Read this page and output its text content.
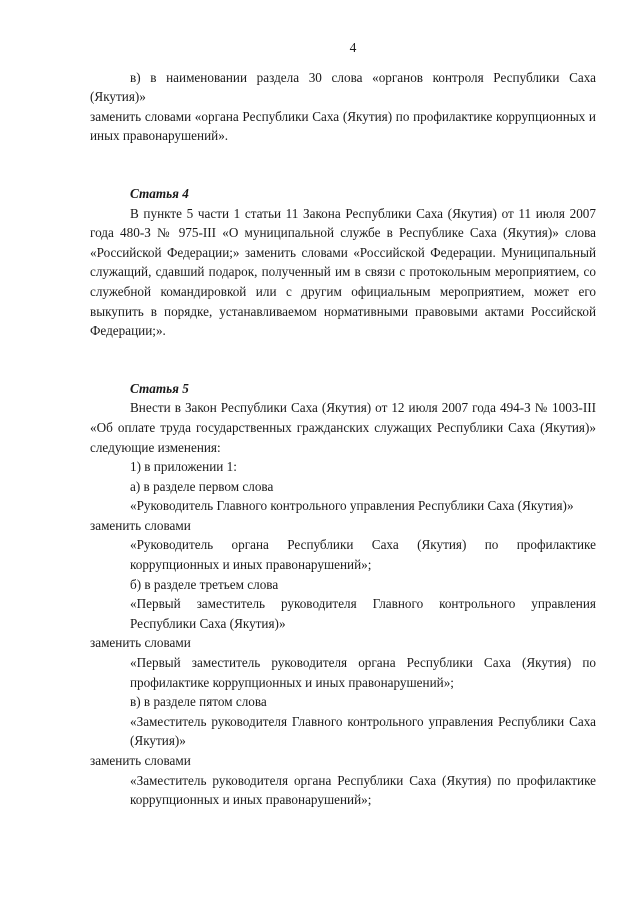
4

в) в наименовании раздела 30 слова «органов контроля Республики Саха (Якутия)»

заменить словами «органа Республики Саха (Якутия) по профилактике коррупционных и иных правонарушений».

Статья 4

В пункте 5 части 1 статьи 11 Закона Республики Саха (Якутия) от 11 июля 2007 года 480-З № 975-III «О муниципальной службе в Республике Саха (Якутия)» слова «Российской Федерации;» заменить словами «Российской Федерации. Муниципальный служащий, сдавший подарок, полученный им в связи с протокольным мероприятием, со служебной командировкой или с другим официальным мероприятием, может его выкупить в порядке, устанавливаемом нормативными правовыми актами Российской Федерации;».

Статья 5

Внести в Закон Республики Саха (Якутия) от 12 июля 2007 года 494-З № 1003-III «Об оплате труда государственных гражданских служащих Республики Саха (Якутия)» следующие изменения:

1) в приложении 1:

а) в разделе первом слова

«Руководитель Главного контрольного управления Республики Саха (Якутия)»

заменить словами

«Руководитель органа Республики Саха (Якутия) по профилактике коррупционных и иных правонарушений»;

б) в разделе третьем слова

«Первый заместитель руководителя Главного контрольного управления Республики Саха (Якутия)»

заменить словами

«Первый заместитель руководителя органа Республики Саха (Якутия) по профилактике коррупционных и иных правонарушений»;

в) в разделе пятом слова

«Заместитель руководителя Главного контрольного управления Республики Саха (Якутия)»

заменить словами

«Заместитель руководителя органа Республики Саха (Якутия) по профилактике коррупционных и иных правонарушений»;
